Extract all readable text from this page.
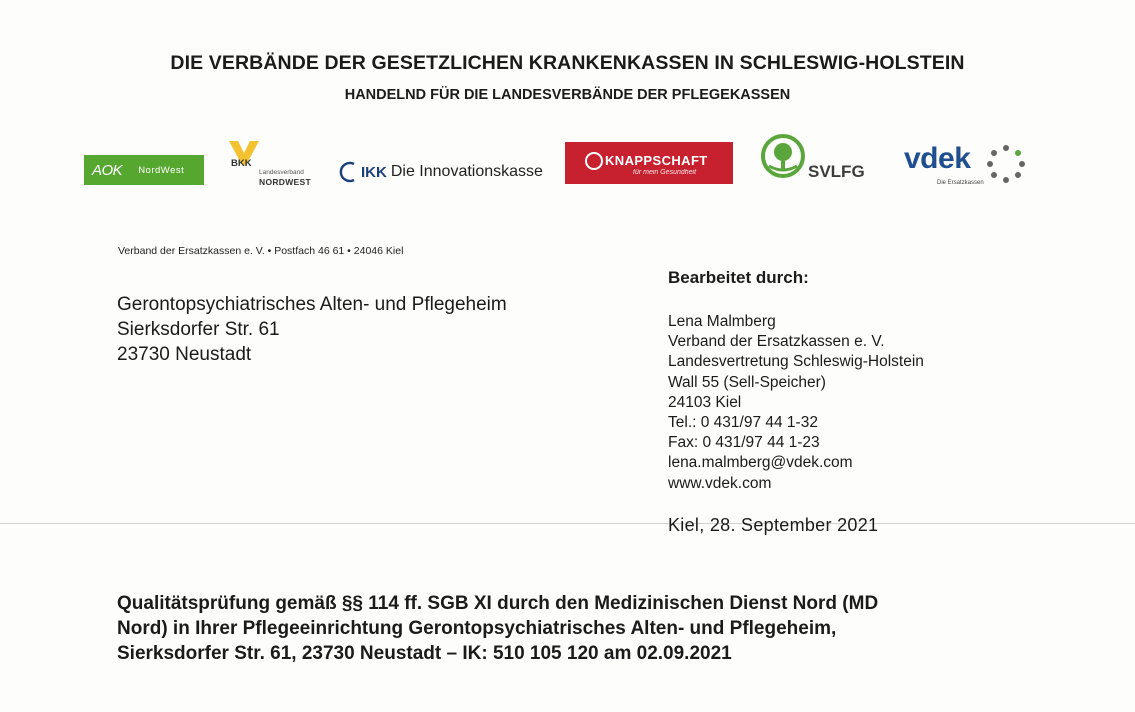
DIE VERBÄNDE DER GESETZLICHEN KRANKENKASSEN IN SCHLESWIG-HOLSTEIN
HANDELND FÜR DIE LANDESVERBÄNDE DER PFLEGEKASSEN
AOK NordWest
BKK
Landesverband
NORDWEST
IKK Die Innovationskasse
KNAPPSCHAFT
für mein Gesundheit	SVLFG vdek
Die Ersatzkassen
Verband der Ersatzkassen e. V. • Postfach 46 61 • 24046 Kiel
Gerontopsychiatrisches Alten- und Pflegeheim
Sierksdorfer Str. 61
23730 Neustadt
Bearbeitet durch:
Lena Malmberg
Verband der Ersatzkassen e. V.
Landesvertretung Schleswig-Holstein
Wall 55 (Sell-Speicher)
24103 Kiel
Tel.: 0 431/97 44 1-32
Fax: 0 431/97 44 1-23
lena.malmberg@vdek.com
www.vdek.com
Kiel, 28. September 2021
Qualitätsprüfung gemäß §§ 114 ff. SGB XI durch den Medizinischen Dienst Nord (MD
Nord) in Ihrer Pflegeeinrichtung Gerontopsychiatrisches Alten- und Pflegeheim,
Sierksdorfer Str. 61, 23730 Neustadt – IK: 510 105 120 am 02.09.2021
